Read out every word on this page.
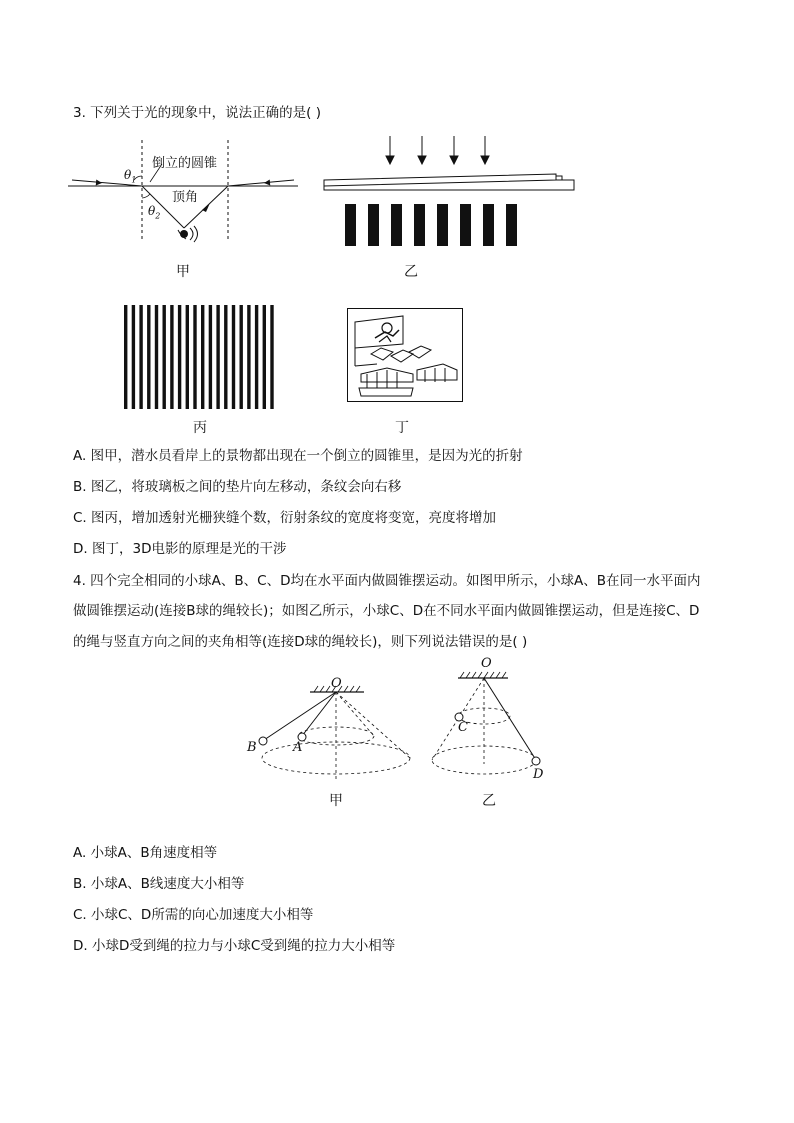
3. 下列关于光的现象中，说法正确的是( )
倒立的圆锥
顶角
$\theta_1$
$\theta_2$
甲	乙
丙	丁
A. 图甲，潜水员看岸上的景物都出现在一个倒立的圆锥里，是因为光的折射
B. 图乙，将玻璃板之间的垫片向左移动，条纹会向右移
C. 图丙，增加透射光栅狭缝个数，衍射条纹的宽度将变宽，亮度将增加
D. 图丁，3D电影的原理是光的干涉
4. 四个完全相同的小球A、B、C、D均在水平面内做圆锥摆运动。如图甲所示，小球A、B在同一水平面内
做圆锥摆运动(连接B球的绳较长)；如图乙所示，小球C、D在不同水平面内做圆锥摆运动，但是连接C、D
的绳与竖直方向之间的夹角相等(连接D球的绳较长)，则下列说法错误的是( )
O
A
B
甲
O
C
D
乙
A. 小球A、B角速度相等
B. 小球A、B线速度大小相等
C. 小球C、D所需的向心加速度大小相等
D. 小球D受到绳的拉力与小球C受到绳的拉力大小相等
